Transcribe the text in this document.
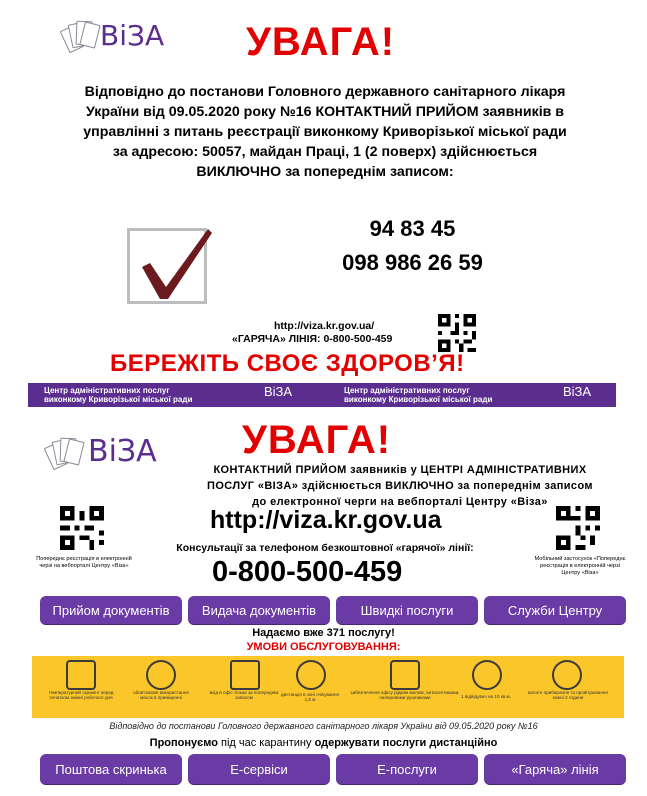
ВіЗА УВАГА!
Відповідно до постанови Головного державного санітарного лікаря
України від 09.05.2020 року №16 КОНТАКТНИЙ ПРИЙОМ заявників в
управлінні з питань реєстрації виконкому Криворізької міської ради
за адресою: 50057, майдан Праці, 1 (2 поверх) здійснюється
ВИКЛЮЧНО за попереднім записом:
94 83 45
098 986 26 59
http://viza.kr.gov.ua/
«ГАРЯЧА» ЛІНІЯ: 0-800-500-459
БЕРЕЖІТЬ СВОЄ ЗДОРОВ’Я!
Центр адміністративних послуг
виконкому Криворізької міської ради
ВіЗА	Центр адміністративних послуг
виконкому Криворізької міської ради
ВіЗА
ВіЗА УВАГА!
КОНТАКТНИЙ ПРИЙОМ заявників у ЦЕНТРІ АДМІНІСТРАТИВНИХ
ПОСЛУГ «ВІЗА» здійснюється ВИКЛЮЧНО за попереднім записом
до електронної черги на вебпорталі Центру «Віза»
Попереднє реєстрація в електронній черзі на вебпорталі Центру «Віза»
Мобільний застосунок «Попереднє реєстрація в електронній черзі Центру «Віза»
http://viza.kr.gov.ua
Консультації за телефоном безкоштовної «гарячої» лінії:
0-800-500-459
Прийом документів	Видача документів	Швидкі послуги	Служби Центру
Надаємо вже 371 послугу!
УМОВИ ОБСЛУГОВУВАННЯ:
температурний скринінг перед початком зміни/ робочого дня
обов'язкове використання масок в приміщенні
вхід в офіс тільки за попереднім записом
дистанція в зоні очікування 1,5 м
забезпечення офісу рідким милом, антисептиками, паперовими рушниками	1 відвідувач на 10 кв.м.
вологе прибирання та провітрювання кожні 2 години
Відповідно до постанови Головного державного санітарного лікаря України від 09.05.2020 року №16
Пропонуємо під час карантину одержувати послуги дистанційно
Поштова скринька	Е-сервіси	Е-послуги	«Гаряча» лінія
